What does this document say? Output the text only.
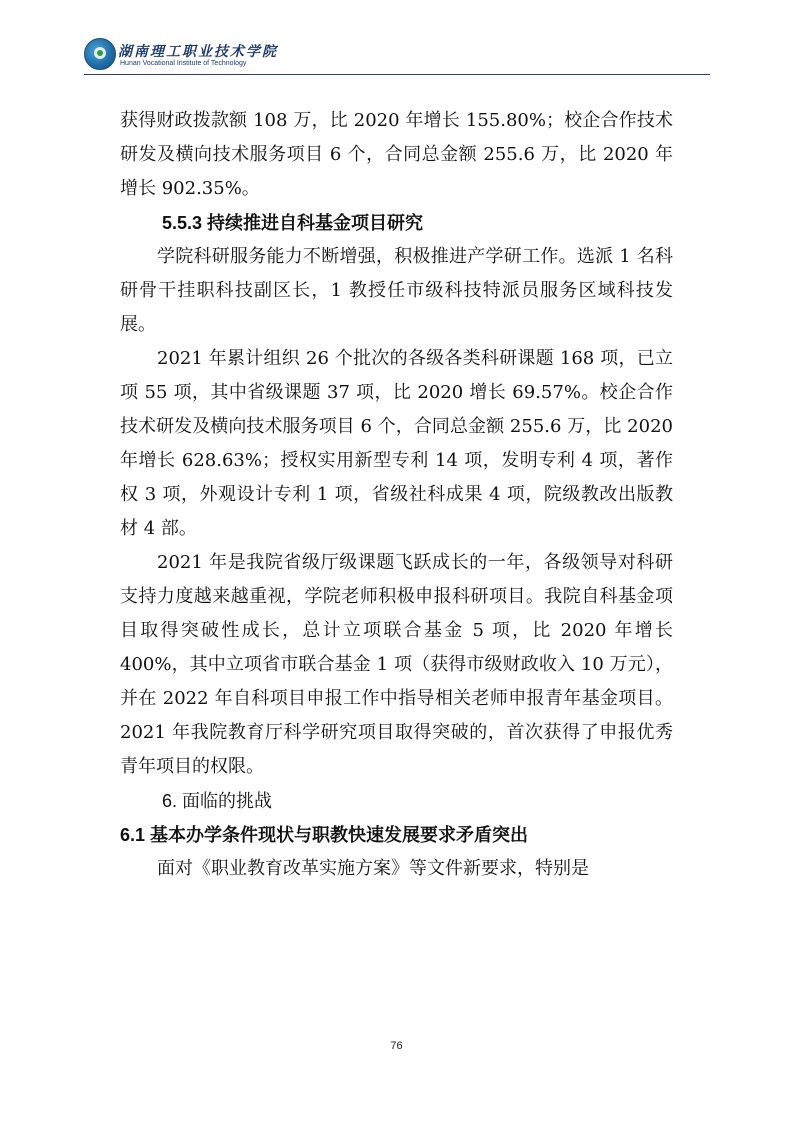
湖南理工职业技术学院
Hunan Vocational Institute of Technology

获得财政拨款额 108 万，比 2020 年增长 155.80%；校企合作技术研发及横向技术服务项目 6 个，合同总金额 255.6 万，比 2020 年增长 902.35%。

5.5.3 持续推进自科基金项目研究

学院科研服务能力不断增强，积极推进产学研工作。选派 1 名科研骨干挂职科技副区长，1 教授任市级科技特派员服务区域科技发展。

2021 年累计组织 26 个批次的各级各类科研课题 168 项，已立项 55 项，其中省级课题 37 项，比 2020 增长 69.57%。校企合作技术研发及横向技术服务项目 6 个，合同总金额 255.6 万，比 2020 年增长 628.63%；授权实用新型专利 14 项，发明专利 4 项，著作权 3 项，外观设计专利 1 项，省级社科成果 4 项，院级教改出版教材 4 部。

2021 年是我院省级厅级课题飞跃成长的一年，各级领导对科研支持力度越来越重视，学院老师积极申报科研项目。我院自科基金项目取得突破性成长，总计立项联合基金 5 项，比 2020 年增长 400%，其中立项省市联合基金 1 项（获得市级财政收入 10 万元），并在 2022 年自科项目申报工作中指导相关老师申报青年基金项目。2021 年我院教育厅科学研究项目取得突破的，首次获得了申报优秀青年项目的权限。

6. 面临的挑战

6.1 基本办学条件现状与职教快速发展要求矛盾突出

面对《职业教育改革实施方案》等文件新要求，特别是

76
